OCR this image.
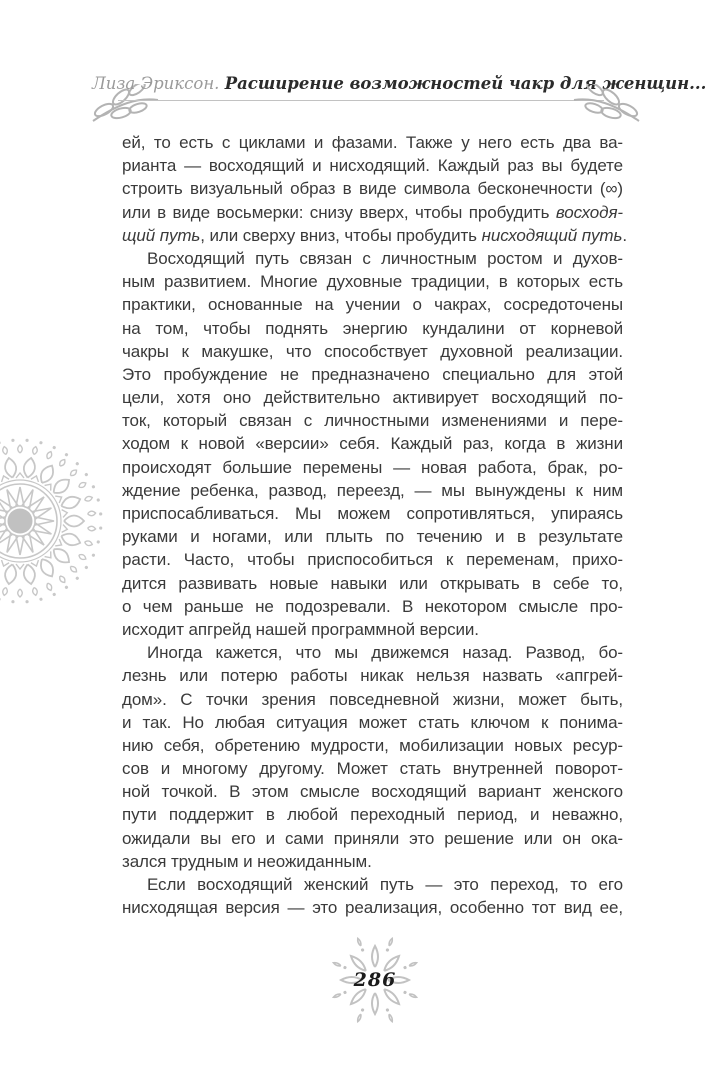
Лиза Эриксон. Расширение возможностей чакр для женщин...
ей, то есть с циклами и фазами. Также у него есть два ва-
рианта — восходящий и нисходящий. Каждый раз вы будете
строить визуальный образ в виде символа бесконечности (∞)
или в виде восьмерки: снизу вверх, чтобы пробудить восходя-
щий путь, или сверху вниз, чтобы пробудить нисходящий путь.
Восходящий путь связан с личностным ростом и духов-
ным развитием. Многие духовные традиции, в которых есть
практики, основанные на учении о чакрах, сосредоточены
на том, чтобы поднять энергию кундалини от корневой
чакры к макушке, что способствует духовной реализации.
Это пробуждение не предназначено специально для этой
цели, хотя оно действительно активирует восходящий по-
ток, который связан с личностными изменениями и пере-
ходом к новой «версии» себя. Каждый раз, когда в жизни
происходят большие перемены — новая работа, брак, ро-
ждение ребенка, развод, переезд, — мы вынуждены к ним
приспосабливаться. Мы можем сопротивляться, упираясь
руками и ногами, или плыть по течению и в результате
расти. Часто, чтобы приспособиться к переменам, прихо-
дится развивать новые навыки или открывать в себе то,
о чем раньше не подозревали. В некотором смысле про-
исходит апгрейд нашей программной версии.
Иногда кажется, что мы движемся назад. Развод, бо-
лезнь или потерю работы никак нельзя назвать «апгрей-
дом». С точки зрения повседневной жизни, может быть,
и так. Но любая ситуация может стать ключом к понима-
нию себя, обретению мудрости, мобилизации новых ресур-
сов и многому другому. Может стать внутренней поворот-
ной точкой. В этом смысле восходящий вариант женского
пути поддержит в любой переходный период, и неважно,
ожидали вы его и сами приняли это решение или он ока-
зался трудным и неожиданным.
Если восходящий женский путь — это переход, то его
нисходящая версия — это реализация, особенно тот вид ее,
286
